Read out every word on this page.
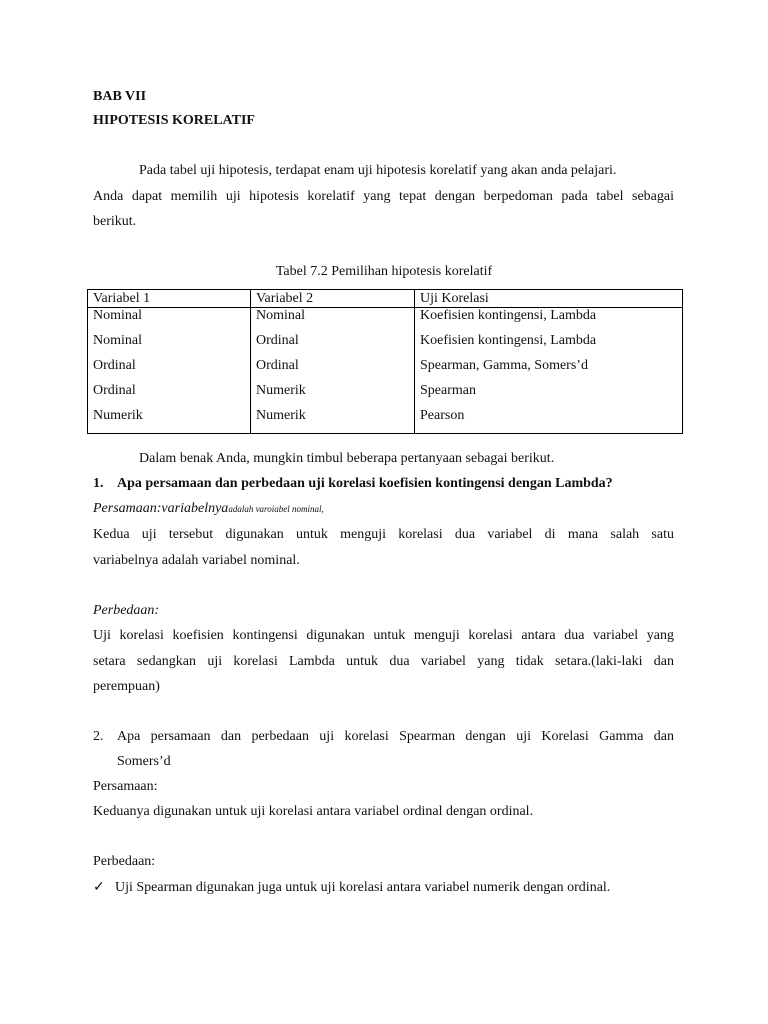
BAB VII
HIPOTESIS KORELATIF
Pada tabel uji hipotesis, terdapat enam uji hipotesis korelatif yang akan anda pelajari.
Anda dapat memilih uji hipotesis korelatif yang tepat dengan berpedoman pada tabel sebagai
berikut.
Tabel 7.2 Pemilihan hipotesis korelatif
Variabel 1	Variabel 2	Uji Korelasi
Nominal	Nominal	Koefisien kontingensi, Lambda
Nominal	Ordinal	Koefisien kontingensi, Lambda
Ordinal	Ordinal	Spearman, Gamma, Somers’d
Ordinal	Numerik	Spearman
Numerik	Numerik	Pearson
Dalam benak Anda, mungkin timbul beberapa pertanyaan sebagai berikut.
1. Apa persamaan dan perbedaan uji korelasi koefisien kontingensi dengan Lambda?
Persamaan:variabelnyaadalah varoiabel nominal,
Kedua uji tersebut digunakan untuk menguji korelasi dua variabel di mana salah satu
variabelnya adalah variabel nominal.
Perbedaan:
Uji korelasi koefisien kontingensi digunakan untuk menguji korelasi antara dua variabel yang
setara sedangkan uji korelasi Lambda untuk dua variabel yang tidak setara.(laki-laki dan
perempuan)
2. Apa persamaan dan perbedaan uji korelasi Spearman dengan uji Korelasi Gamma dan
Somers’d
Persamaan:
Keduanya digunakan untuk uji korelasi antara variabel ordinal dengan ordinal.
Perbedaan:
✓ Uji Spearman digunakan juga untuk uji korelasi antara variabel numerik dengan ordinal.
